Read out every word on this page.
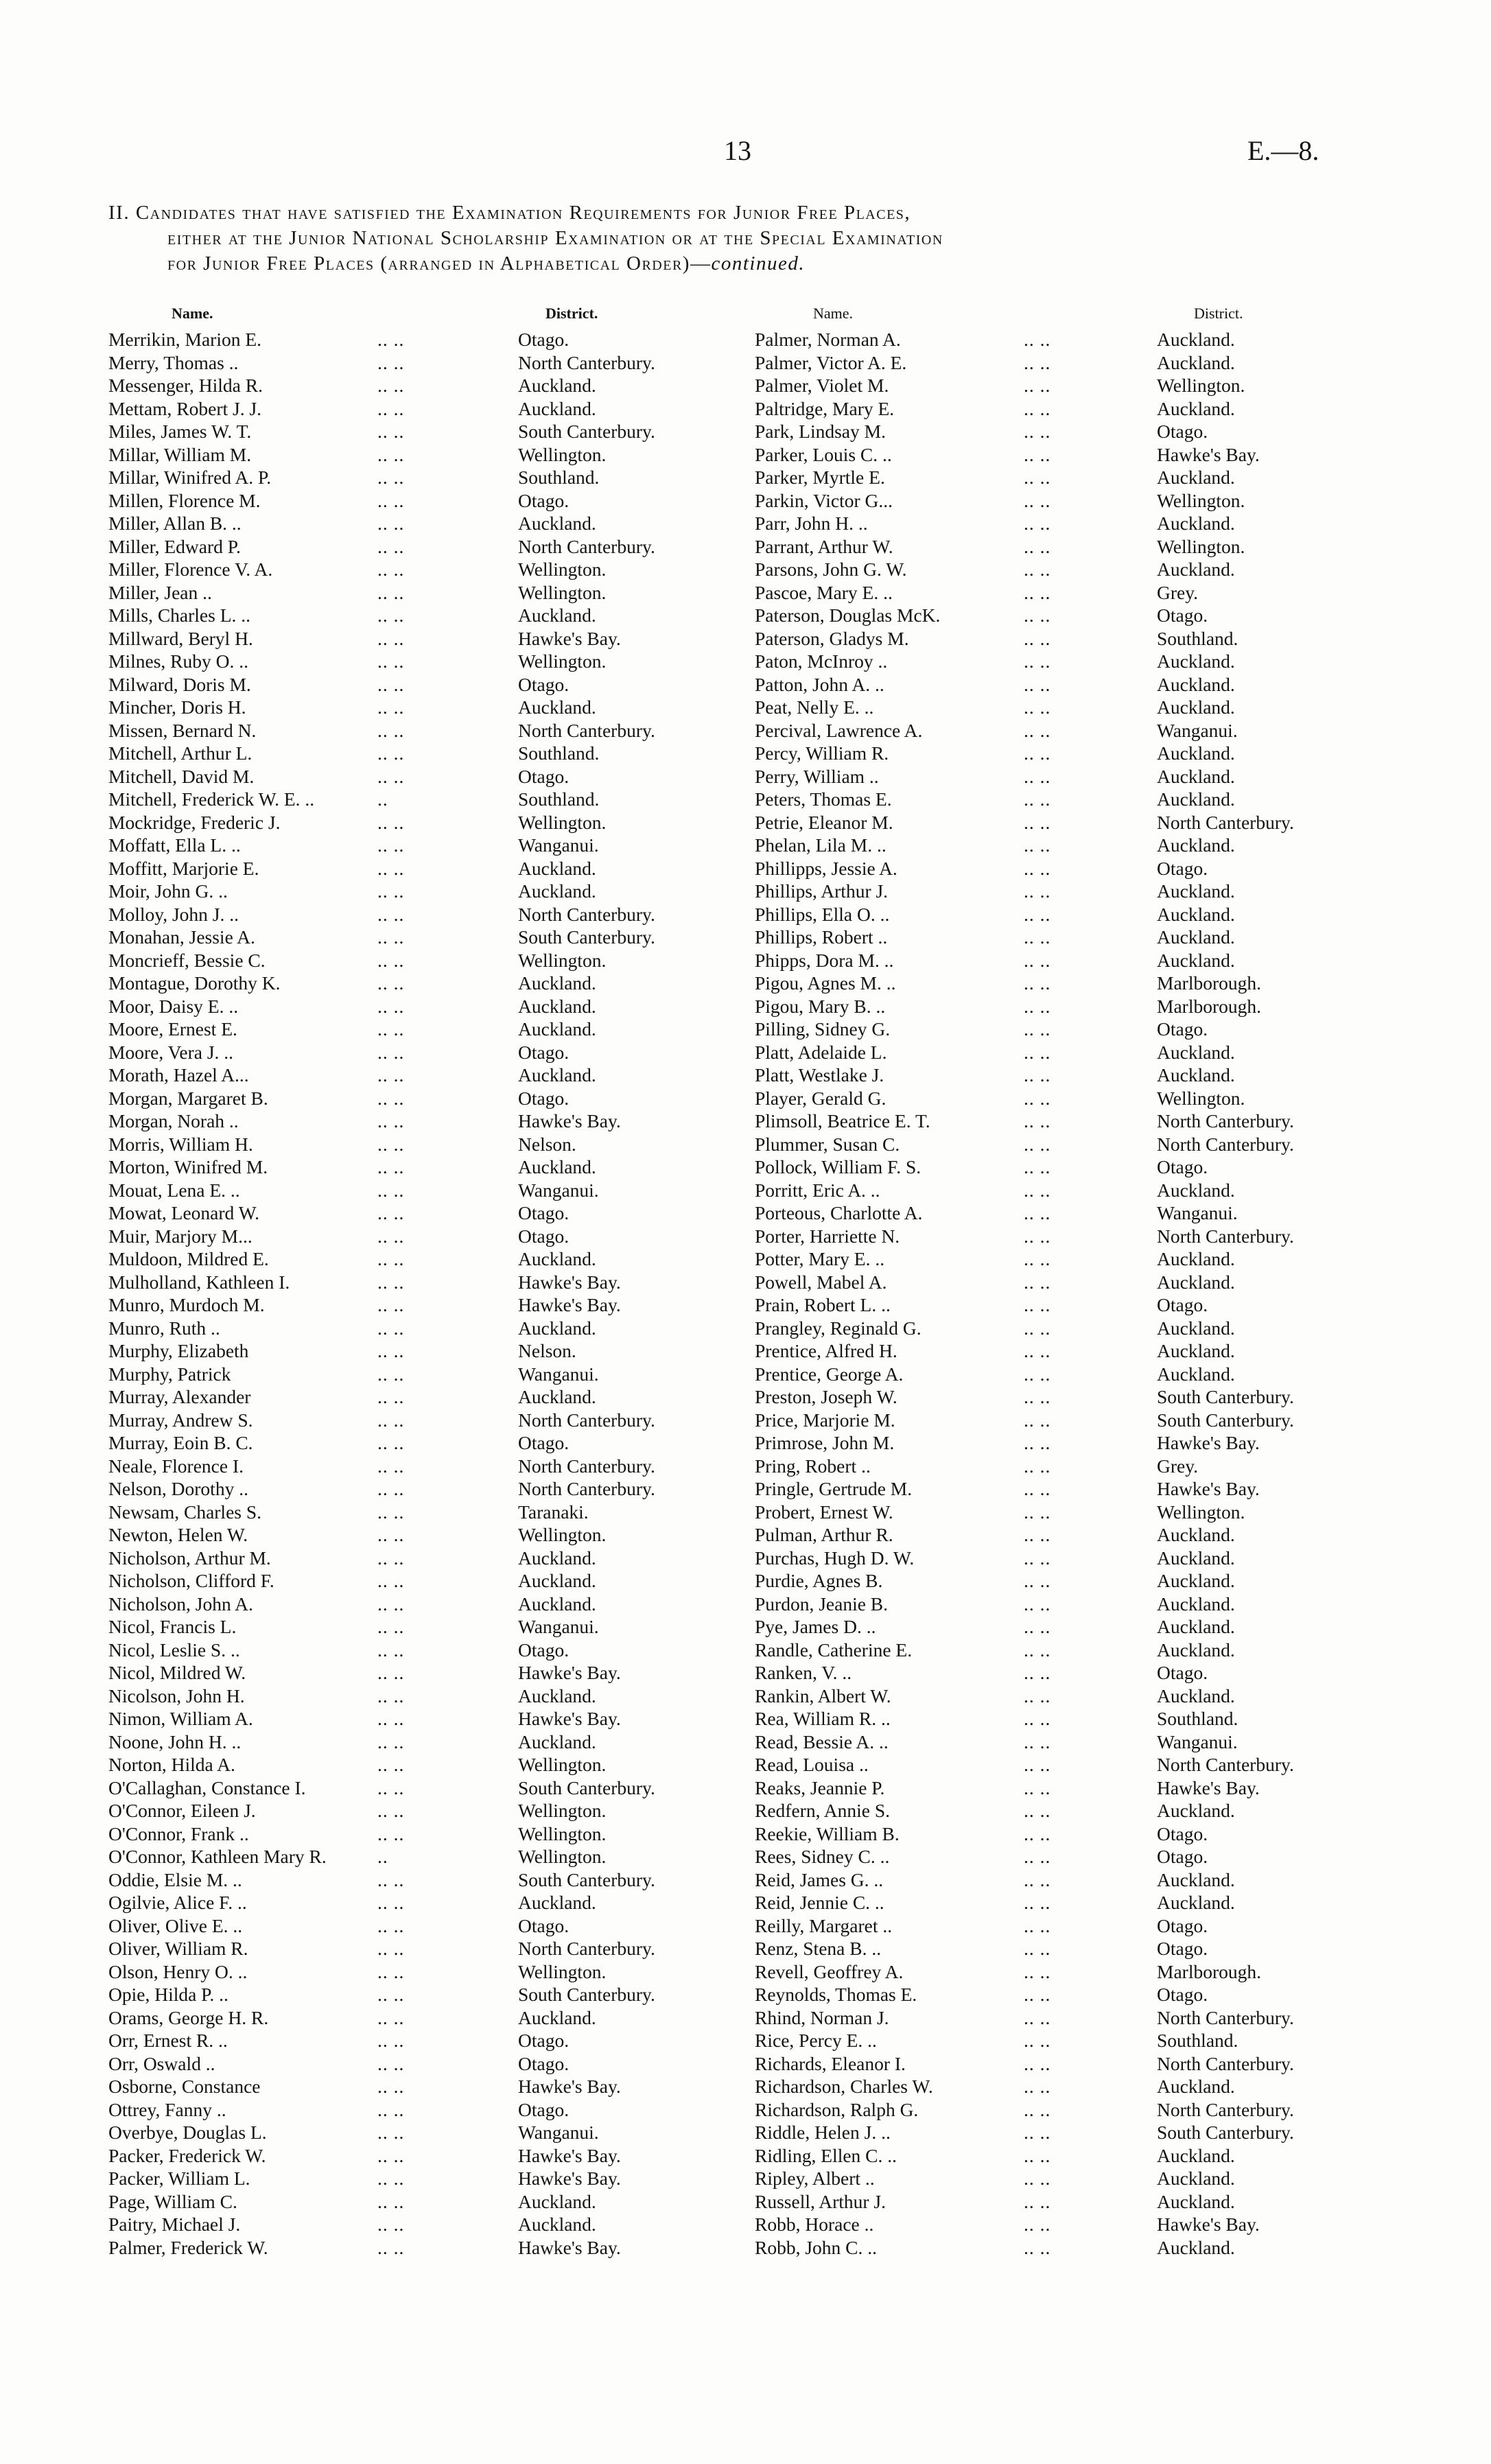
13	E.—8.
II. Candidates that have satisfied the Examination Requirements for Junior Free Places,
either at the Junior National Scholarship Examination or at the Special Examination
for Junior Free Places (arranged in Alphabetical Order)—continued.
Name.	District.	Name.	District.
Merrikin, Marion E.	.. ..	Otago.
Merry, Thomas ..	.. ..	North Canterbury.
Messenger, Hilda R.	.. ..	Auckland.
Mettam, Robert J. J.	.. ..	Auckland.
Miles, James W. T.	.. ..	South Canterbury.
Millar, William M.	.. ..	Wellington.
Millar, Winifred A. P.	.. ..	Southland.
Millen, Florence M.	.. ..	Otago.
Miller, Allan B. ..	.. ..	Auckland.
Miller, Edward P.	.. ..	North Canterbury.
Miller, Florence V. A.	.. ..	Wellington.
Miller, Jean ..	.. ..	Wellington.
Mills, Charles L. ..	.. ..	Auckland.
Millward, Beryl H.	.. ..	Hawke's Bay.
Milnes, Ruby O. ..	.. ..	Wellington.
Milward, Doris M.	.. ..	Otago.
Mincher, Doris H.	.. ..	Auckland.
Missen, Bernard N.	.. ..	North Canterbury.
Mitchell, Arthur L.	.. ..	Southland.
Mitchell, David M.	.. ..	Otago.
Mitchell, Frederick W. E. ..	..	Southland.
Mockridge, Frederic J.	.. ..	Wellington.
Moffatt, Ella L. ..	.. ..	Wanganui.
Moffitt, Marjorie E.	.. ..	Auckland.
Moir, John G. ..	.. ..	Auckland.
Molloy, John J. ..	.. ..	North Canterbury.
Monahan, Jessie A.	.. ..	South Canterbury.
Moncrieff, Bessie C.	.. ..	Wellington.
Montague, Dorothy K.	.. ..	Auckland.
Moor, Daisy E. ..	.. ..	Auckland.
Moore, Ernest E.	.. ..	Auckland.
Moore, Vera J. ..	.. ..	Otago.
Morath, Hazel A...	.. ..	Auckland.
Morgan, Margaret B.	.. ..	Otago.
Morgan, Norah ..	.. ..	Hawke's Bay.
Morris, William H.	.. ..	Nelson.
Morton, Winifred M.	.. ..	Auckland.
Mouat, Lena E. ..	.. ..	Wanganui.
Mowat, Leonard W.	.. ..	Otago.
Muir, Marjory M...	.. ..	Otago.
Muldoon, Mildred E.	.. ..	Auckland.
Mulholland, Kathleen I.	.. ..	Hawke's Bay.
Munro, Murdoch M.	.. ..	Hawke's Bay.
Munro, Ruth ..	.. ..	Auckland.
Murphy, Elizabeth	.. ..	Nelson.
Murphy, Patrick	.. ..	Wanganui.
Murray, Alexander	.. ..	Auckland.
Murray, Andrew S.	.. ..	North Canterbury.
Murray, Eoin B. C.	.. ..	Otago.
Neale, Florence I.	.. ..	North Canterbury.
Nelson, Dorothy ..	.. ..	North Canterbury.
Newsam, Charles S.	.. ..	Taranaki.
Newton, Helen W.	.. ..	Wellington.
Nicholson, Arthur M.	.. ..	Auckland.
Nicholson, Clifford F.	.. ..	Auckland.
Nicholson, John A.	.. ..	Auckland.
Nicol, Francis L.	.. ..	Wanganui.
Nicol, Leslie S. ..	.. ..	Otago.
Nicol, Mildred W.	.. ..	Hawke's Bay.
Nicolson, John H.	.. ..	Auckland.
Nimon, William A.	.. ..	Hawke's Bay.
Noone, John H. ..	.. ..	Auckland.
Norton, Hilda A.	.. ..	Wellington.
O'Callaghan, Constance I.	.. ..	South Canterbury.
O'Connor, Eileen J.	.. ..	Wellington.
O'Connor, Frank ..	.. ..	Wellington.
O'Connor, Kathleen Mary R.	..	Wellington.
Oddie, Elsie M. ..	.. ..	South Canterbury.
Ogilvie, Alice F. ..	.. ..	Auckland.
Oliver, Olive E. ..	.. ..	Otago.
Oliver, William R.	.. ..	North Canterbury.
Olson, Henry O. ..	.. ..	Wellington.
Opie, Hilda P. ..	.. ..	South Canterbury.
Orams, George H. R.	.. ..	Auckland.
Orr, Ernest R. ..	.. ..	Otago.
Orr, Oswald ..	.. ..	Otago.
Osborne, Constance	.. ..	Hawke's Bay.
Ottrey, Fanny ..	.. ..	Otago.
Overbye, Douglas L.	.. ..	Wanganui.
Packer, Frederick W.	.. ..	Hawke's Bay.
Packer, William L.	.. ..	Hawke's Bay.
Page, William C.	.. ..	Auckland.
Paitry, Michael J.	.. ..	Auckland.
Palmer, Frederick W.	.. ..	Hawke's Bay.
Palmer, Norman A.	.. ..	Auckland.
Palmer, Victor A. E.	.. ..	Auckland.
Palmer, Violet M.	.. ..	Wellington.
Paltridge, Mary E.	.. ..	Auckland.
Park, Lindsay M.	.. ..	Otago.
Parker, Louis C. ..	.. ..	Hawke's Bay.
Parker, Myrtle E.	.. ..	Auckland.
Parkin, Victor G...	.. ..	Wellington.
Parr, John H. ..	.. ..	Auckland.
Parrant, Arthur W.	.. ..	Wellington.
Parsons, John G. W.	.. ..	Auckland.
Pascoe, Mary E. ..	.. ..	Grey.
Paterson, Douglas McK.	.. ..	Otago.
Paterson, Gladys M.	.. ..	Southland.
Paton, McInroy ..	.. ..	Auckland.
Patton, John A. ..	.. ..	Auckland.
Peat, Nelly E. ..	.. ..	Auckland.
Percival, Lawrence A.	.. ..	Wanganui.
Percy, William R.	.. ..	Auckland.
Perry, William ..	.. ..	Auckland.
Peters, Thomas E.	.. ..	Auckland.
Petrie, Eleanor M.	.. ..	North Canterbury.
Phelan, Lila M. ..	.. ..	Auckland.
Phillipps, Jessie A.	.. ..	Otago.
Phillips, Arthur J.	.. ..	Auckland.
Phillips, Ella O. ..	.. ..	Auckland.
Phillips, Robert ..	.. ..	Auckland.
Phipps, Dora M. ..	.. ..	Auckland.
Pigou, Agnes M. ..	.. ..	Marlborough.
Pigou, Mary B. ..	.. ..	Marlborough.
Pilling, Sidney G.	.. ..	Otago.
Platt, Adelaide L.	.. ..	Auckland.
Platt, Westlake J.	.. ..	Auckland.
Player, Gerald G.	.. ..	Wellington.
Plimsoll, Beatrice E. T.	.. ..	North Canterbury.
Plummer, Susan C.	.. ..	North Canterbury.
Pollock, William F. S.	.. ..	Otago.
Porritt, Eric A. ..	.. ..	Auckland.
Porteous, Charlotte A.	.. ..	Wanganui.
Porter, Harriette N.	.. ..	North Canterbury.
Potter, Mary E. ..	.. ..	Auckland.
Powell, Mabel A.	.. ..	Auckland.
Prain, Robert L. ..	.. ..	Otago.
Prangley, Reginald G.	.. ..	Auckland.
Prentice, Alfred H.	.. ..	Auckland.
Prentice, George A.	.. ..	Auckland.
Preston, Joseph W.	.. ..	South Canterbury.
Price, Marjorie M.	.. ..	South Canterbury.
Primrose, John M.	.. ..	Hawke's Bay.
Pring, Robert ..	.. ..	Grey.
Pringle, Gertrude M.	.. ..	Hawke's Bay.
Probert, Ernest W.	.. ..	Wellington.
Pulman, Arthur R.	.. ..	Auckland.
Purchas, Hugh D. W.	.. ..	Auckland.
Purdie, Agnes B.	.. ..	Auckland.
Purdon, Jeanie B.	.. ..	Auckland.
Pye, James D. ..	.. ..	Auckland.
Randle, Catherine E.	.. ..	Auckland.
Ranken, V. ..	.. ..	Otago.
Rankin, Albert W.	.. ..	Auckland.
Rea, William R. ..	.. ..	Southland.
Read, Bessie A. ..	.. ..	Wanganui.
Read, Louisa ..	.. ..	North Canterbury.
Reaks, Jeannie P.	.. ..	Hawke's Bay.
Redfern, Annie S.	.. ..	Auckland.
Reekie, William B.	.. ..	Otago.
Rees, Sidney C. ..	.. ..	Otago.
Reid, James G. ..	.. ..	Auckland.
Reid, Jennie C. ..	.. ..	Auckland.
Reilly, Margaret ..	.. ..	Otago.
Renz, Stena B. ..	.. ..	Otago.
Revell, Geoffrey A.	.. ..	Marlborough.
Reynolds, Thomas E.	.. ..	Otago.
Rhind, Norman J.	.. ..	North Canterbury.
Rice, Percy E. ..	.. ..	Southland.
Richards, Eleanor I.	.. ..	North Canterbury.
Richardson, Charles W.	.. ..	Auckland.
Richardson, Ralph G.	.. ..	North Canterbury.
Riddle, Helen J. ..	.. ..	South Canterbury.
Ridling, Ellen C. ..	.. ..	Auckland.
Ripley, Albert ..	.. ..	Auckland.
Russell, Arthur J.	.. ..	Auckland.
Robb, Horace ..	.. ..	Hawke's Bay.
Robb, John C. ..	.. ..	Auckland.
